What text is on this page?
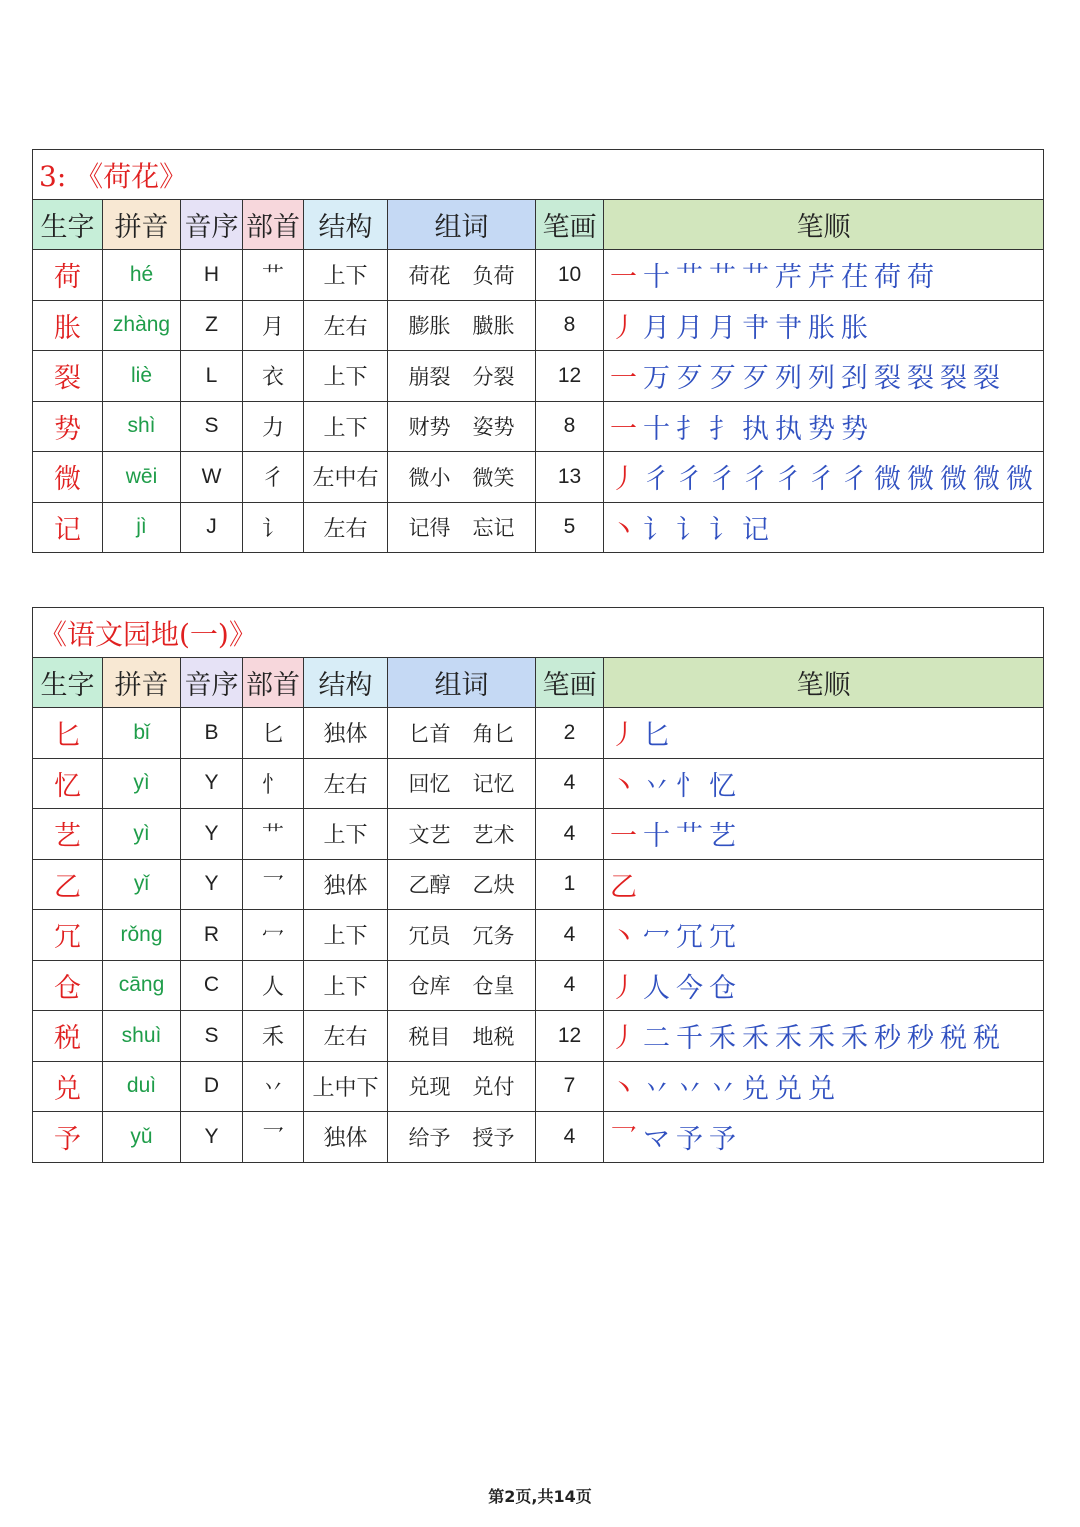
3: 《荷花》							
生字	拼音	音序	部首	结构	组词	笔画	笔顺
荷	hé	H	艹	上下	荷花 负荷	10	一十艹艹艹芹芹茌荷荷
胀	zhàng	Z	月	左右	膨胀 臌胀	8	丿月月月肀肀胀胀
裂	liè	L	衣	上下	崩裂 分裂	12	一万歹歹歹列列刭裂裂裂裂
势	shì	S	力	上下	财势 姿势	8	一十扌扌执执势势
微	wēi	W	彳	左中右	微小 微笑	13	丿彳彳彳彳彳彳彳微微微微微
记	jì	J	讠	左右	记得 忘记	5	丶讠讠讠记
《语文园地(一)》							
生字	拼音	音序	部首	结构	组词	笔画	笔顺
匕	bǐ	B	匕	独体	匕首 角匕	2	丿匕
忆	yì	Y	忄	左右	回忆 记忆	4	丶丷忄忆
艺	yì	Y	艹	上下	文艺 艺术	4	一十艹艺
乙	yǐ	Y	乛	独体	乙醇 乙炔	1	乙
冗	rǒng	R	冖	上下	冗员 冗务	4	丶冖冗冗
仓	cāng	C	人	上下	仓库 仓皇	4	丿人今仓
税	shuì	S	禾	左右	税目 地税	12	丿二千禾禾禾禾禾秒秒税税
兑	duì	D	丷	上中下	兑现 兑付	7	丶丷丷丷兑兑兑
予	yǔ	Y	乛	独体	给予 授予	4	乛マ予予
第2页,共14页
